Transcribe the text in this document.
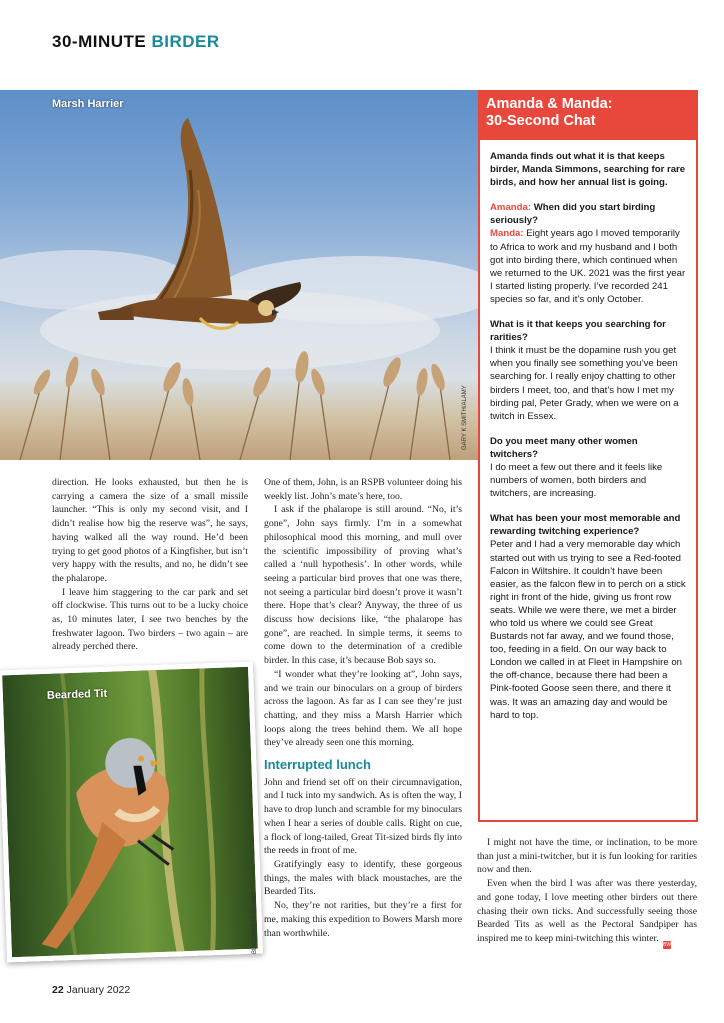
30-MINUTE BIRDER
Marsh Harrier
GARY K SMITH/ALAMY
Amanda & Manda:
30-Second Chat

Amanda finds out what it is that keeps birder, Manda Simmons, searching for rare birds, and how her annual list is going.

Amanda: When did you start birding seriously?

Manda: Eight years ago I moved temporarily to Africa to work and my husband and I both got into birding there, which continued when we returned to the UK. 2021 was the first year I started listing properly. I’ve recorded 241 species so far, and it’s only October.

What is it that keeps you searching for rarities?

I think it must be the dopamine rush you get when you finally see something you’ve been searching for. I really enjoy chatting to other birders I meet, too, and that’s how I met my birding pal, Peter Grady, when we were on a twitch in Essex.

Do you meet many other women twitchers?

I do meet a few out there and it feels like numbers of women, both birders and twitchers, are increasing.

What has been your most memorable and rewarding twitching experience?

Peter and I had a very memorable day which started out with us trying to see a Red-footed Falcon in Wiltshire. It couldn’t have been easier, as the falcon flew in to perch on a stick right in front of the hide, giving us front row seats. While we were there, we met a birder who told us where we could see Great Bustards not far away, and we found those, too, feeding in a field. On our way back to London we called in at Fleet in Hampshire on the off-chance, because there had been a Pink-footed Goose seen there, and there it was. It was an amazing day and would be hard to top.

direction. He looks exhausted, but then he is carrying a camera the size of a small missile launcher. “This is only my second visit, and I didn’t realise how big the reserve was”, he says, having walked all the way round. He’d been trying to get good photos of a Kingfisher, but isn’t very happy with the results, and no, he didn’t see the phalarope.

I leave him staggering to the car park and set off clockwise. This turns out to be a lucky choice as, 10 minutes later, I see two benches by the freshwater lagoon. Two birders – two again – are already perched there.

One of them, John, is an RSPB volunteer doing his weekly list. John’s mate’s here, too.

I ask if the phalarope is still around. “No, it’s gone”, John says firmly. I’m in a somewhat philosophical mood this morning, and mull over the scientific impossibility of proving what’s called a ‘null hypothesis’. In other words, while seeing a particular bird proves that one was there, not seeing a particular bird doesn’t prove it wasn’t there. Hope that’s clear? Anyway, the three of us discuss how decisions like, “the phalarope has gone”, are reached. In simple terms, it seems to come down to the determination of a credible birder. In this case, it’s because Bob says so.

“I wonder what they’re looking at”, John says, and we train our binoculars on a group of birders across the lagoon. As far as I can see they’re just chatting, and they miss a Marsh Harrier which loops along the trees behind them. We all hope they’ve already seen one this morning.

Interrupted lunch

John and friend set off on their circumnavigation, and I tuck into my sandwich. As is often the way, I have to drop lunch and scramble for my binoculars when I hear a series of double calls. Right on cue, a flock of long-tailed, Great Tit-sized birds fly into the reeds in front of me.

Gratifyingly easy to identify, these gorgeous things, the males with black moustaches, are the Bearded Tits.

No, they’re not rarities, but they’re a first for me, making this expedition to Bowers Marsh more than worthwhile.

I might not have the time, or inclination, to be more than just a mini-twitcher, but it is fun looking for rarities now and then.

Even when the bird I was after was there yesterday, and gone today, I love meeting other birders out there chasing their own ticks. And successfully seeing those Bearded Tits as well as the Pectoral Sandpiper has inspired me to keep mini-twitching this winter.

Bearded Tit
BLICKWINKEL/ALAMY	BW
22 January 2022
